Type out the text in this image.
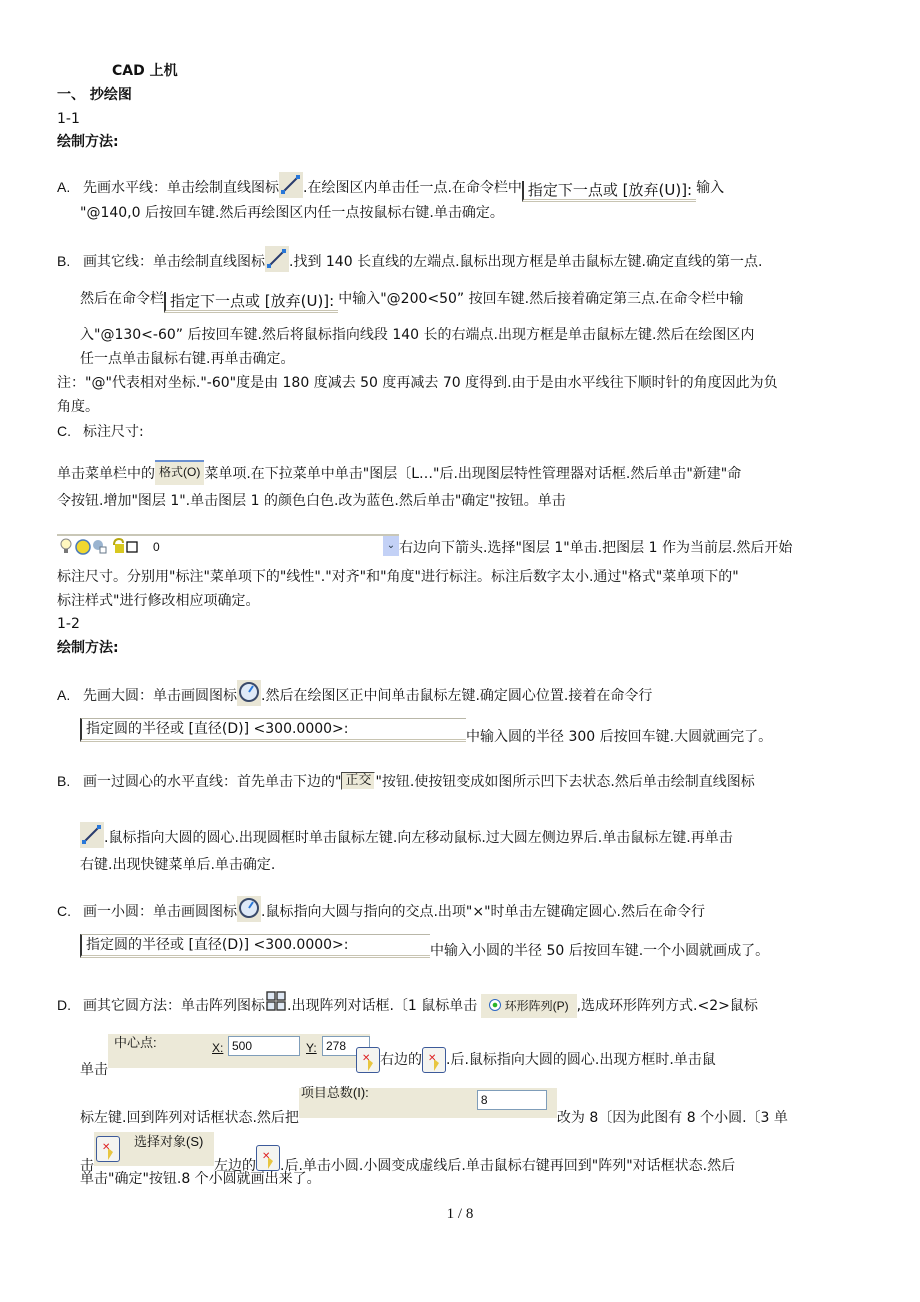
CAD 上机
一、 抄绘图
1-1
绘制方法:
A. 先画水平线：单击绘制直线图标 .在绘图区内单击任一点.在命令栏中 指定下一点或 [放弃(U)]: 输入
"@140,0 后按回车键.然后再绘图区内任一点按鼠标右键.单击确定。
B. 画其它线：单击绘制直线图标 .找到 140 长直线的左端点.鼠标出现方框是单击鼠标左键.确定直线的第一点.
然后在命令栏 指定下一点或 [放弃(U)]: 中输入"@200<50” 按回车键.然后接着确定第三点.在命令栏中输
入"@130<-60” 后按回车键.然后将鼠标指向线段 140 长的右端点.出现方框是单击鼠标左键.然后在绘图区内
任一点单击鼠标右键.再单击确定。
注："@"代表相对坐标."-60"度是由 180 度减去 50 度再减去 70 度得到.由于是由水平线往下顺时针的角度因此为负
角度。
C. 标注尺寸:
单击菜单栏中的 格式(O) 菜单项.在下拉菜单中单击"图层〔L…"后.出现图层特性管理器对话框.然后单击"新建"命
令按钮.增加"图层 1".单击图层 1 的颜色白色.改为蓝色.然后单击"确定"按钮。单击
0	⌄ 右边向下箭头.选择"图层 1"单击.把图层 1 作为当前层.然后开始
标注尺寸。分别用"标注"菜单项下的"线性"."对齐"和"角度"进行标注。标注后数字太小.通过"格式"菜单项下的"
标注样式"进行修改相应项确定。
1-2
绘制方法:
A. 先画大圆：单击画圆图标 .然后在绘图区正中间单击鼠标左键.确定圆心位置.接着在命令行
指定圆的半径或 [直径(D)] <300.0000>:	中输入圆的半径 300 后按回车键.大圆就画完了。
B. 画一过圆心的水平直线：首先单击下边的" 正交 "按钮.使按钮变成如图所示凹下去状态.然后单击绘制直线图标
.鼠标指向大圆的圆心.出现圆框时单击鼠标左键.向左移动鼠标.过大圆左侧边界后.单击鼠标左键.再单击
右键.出现快键菜单后.单击确定.
C. 画一小圆：单击画圆图标 .鼠标指向大圆与指向的交点.出项"×"时单击左键确定圆心.然后在命令行
指定圆的半径或 [直径(D)] <300.0000>:	中输入小圆的半径 50 后按回车键.一个小圆就画成了。
D. 画其它圆方法：单击阵列图标 .出现阵列对话框.〔1 鼠标单击 环形阵列(P) ,选成环形阵列方式.<2>鼠标
单击
中心点:	X: 500	Y: 278
✕右边的 ✕ .后.鼠标指向大圆的圆心.出现方框时.单击鼠
标左键.回到阵列对话框状态.然后把
项目总数(I):	8
改为 8〔因为此图有 8 个小圆.〔3 单
击
✕
选择对象(S)
左边的 ✕ .后.单击小圆.小圆变成虚线后.单击鼠标右键再回到"阵列"对话框状态.然后
单击"确定"按钮.8 个小圆就画出来了。
1 / 8
